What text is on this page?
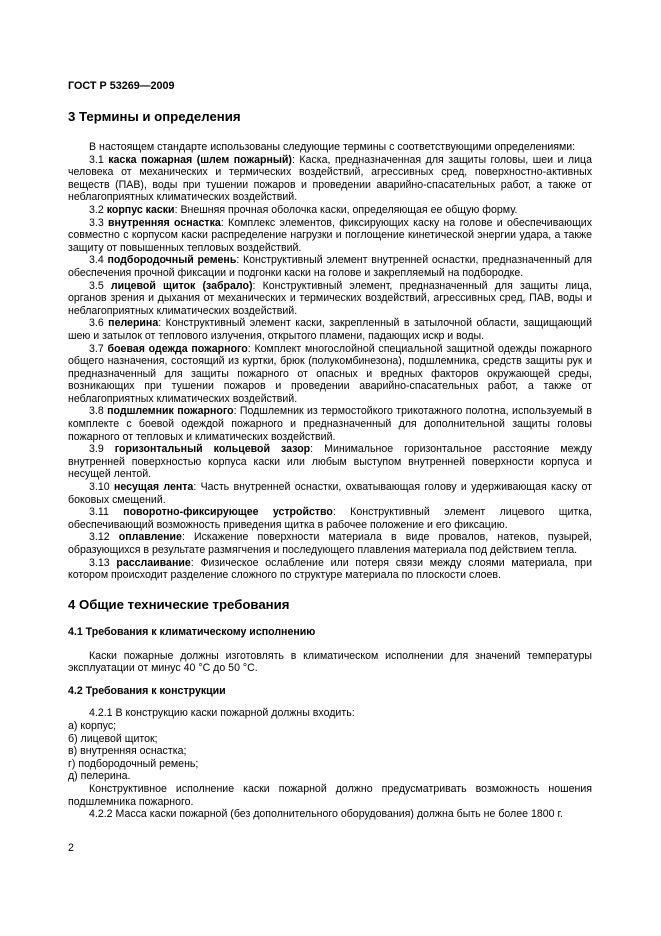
ГОСТ Р 53269—2009
3 Термины и определения

В настоящем стандарте использованы следующие термины с соответствующими определениями:

3.1 каска пожарная (шлем пожарный): Каска, предназначенная для защиты головы, шеи и лица человека от механических и термических воздействий, агрессивных сред, поверхностно-активных веществ (ПАВ), воды при тушении пожаров и проведении аварийно-спасательных работ, а также от неблагоприятных климатических воздействий.

3.2 корпус каски: Внешняя прочная оболочка каски, определяющая ее общую форму.

3.3 внутренняя оснастка: Комплекс элементов, фиксирующих каску на голове и обеспечивающих совместно с корпусом каски распределение нагрузки и поглощение кинетической энергии удара, а также защиту от повышенных тепловых воздействий.

3.4 подбородочный ремень: Конструктивный элемент внутренней оснастки, предназначенный для обеспечения прочной фиксации и подгонки каски на голове и закрепляемый на подбородке.

3.5 лицевой щиток (забрало): Конструктивный элемент, предназначенный для защиты лица, органов зрения и дыхания от механических и термических воздействий, агрессивных сред, ПАВ, воды и неблагоприятных климатических воздействий.

3.6 пелерина: Конструктивный элемент каски, закрепленный в затылочной области, защищающий шею и затылок от теплового излучения, открытого пламени, падающих искр и воды.

3.7 боевая одежда пожарного: Комплект многослойной специальной защитной одежды пожарного общего назначения, состоящий из куртки, брюк (полукомбинезона), подшлемника, средств защиты рук и предназначенный для защиты пожарного от опасных и вредных факторов окружающей среды, возникающих при тушении пожаров и проведении аварийно-спасательных работ, а также от неблагоприятных климатических воздействий.

3.8 подшлемник пожарного: Подшлемник из термостойкого трикотажного полотна, используемый в комплекте с боевой одеждой пожарного и предназначенный для дополнительной защиты головы пожарного от тепловых и климатических воздействий.

3.9 горизонтальный кольцевой зазор: Минимальное горизонтальное расстояние между внутренней поверхностью корпуса каски или любым выступом внутренней поверхности корпуса и несущей лентой.

3.10 несущая лента: Часть внутренней оснастки, охватывающая голову и удерживающая каску от боковых смещений.

3.11 поворотно-фиксирующее устройство: Конструктивный элемент лицевого щитка, обеспечивающий возможность приведения щитка в рабочее положение и его фиксацию.

3.12 оплавление: Искажение поверхности материала в виде провалов, натеков, пузырей, образующихся в результате размягчения и последующего плавления материала под действием тепла.

3.13 расслаивание: Физическое ослабление или потеря связи между слоями материала, при котором происходит разделение сложного по структуре материала по плоскости слоев.

4 Общие технические требования
4.1 Требования к климатическому исполнению

Каски пожарные должны изготовлять в климатическом исполнении для значений температуры эксплуатации от минус 40 °С до 50 °С.

4.2 Требования к конструкции

4.2.1 В конструкцию каски пожарной должны входить:

а) корпус;

б) лицевой щиток;

в) внутренняя оснастка;

г) подбородочный ремень;

д) пелерина.

Конструктивное исполнение каски пожарной должно предусматривать возможность ношения подшлемника пожарного.

4.2.2 Масса каски пожарной (без дополнительного оборудования) должна быть не более 1800 г.

2
